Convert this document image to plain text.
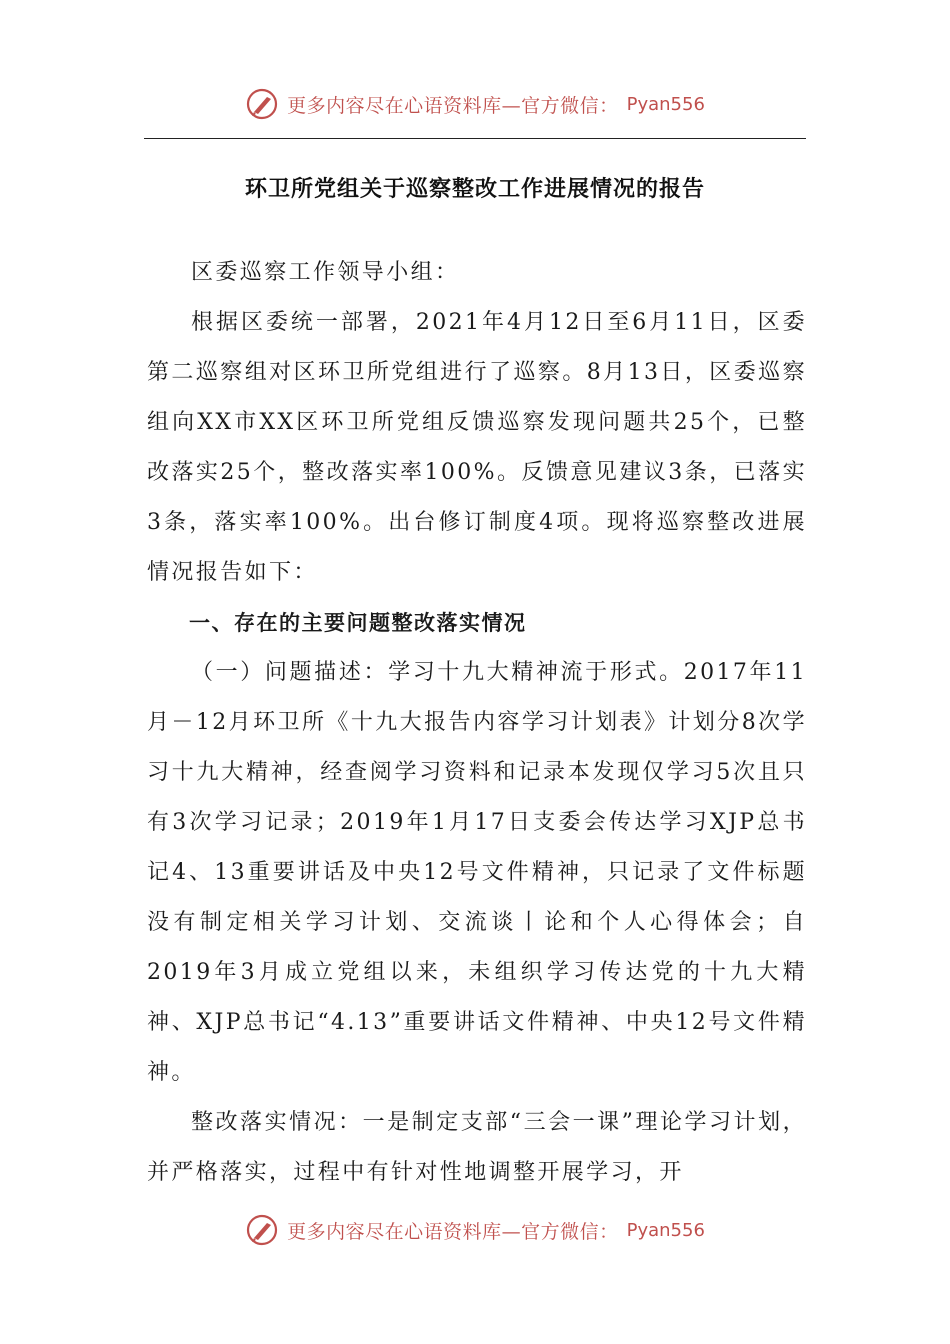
更多内容尽在心语资料库—官方微信： Pyan556
环卫所党组关于巡察整改工作进展情况的报告

区委巡察工作领导小组：

根据区委统一部署，2021年4月12日至6月11日，区委第二巡察组对区环卫所党组进行了巡察。8月13日，区委巡察组向XX市XX区环卫所党组反馈巡察发现问题共25个，已整改落实25个，整改落实率100%。反馈意见建议3条，已落实3条，落实率100%。出台修订制度4项。现将巡察整改进展情况报告如下：

一、存在的主要问题整改落实情况

（一）问题描述：学习十九大精神流于形式。2017年11月－12月环卫所《十九大报告内容学习计划表》计划分8次学习十九大精神，经查阅学习资料和记录本发现仅学习5次且只有3次学习记录；2019年1月17日支委会传达学习XJP总书记4、13重要讲话及中央12号文件精神，只记录了文件标题没有制定相关学习计划、交流谈丨论和个人心得体会；自2019年3月成立党组以来，未组织学习传达党的十九大精神、XJP总书记“4.13”重要讲话文件精神、中央12号文件精神。

整改落实情况：一是制定支部“三会一课”理论学习计划，并严格落实，过程中有针对性地调整开展学习，开

更多内容尽在心语资料库—官方微信： Pyan556
